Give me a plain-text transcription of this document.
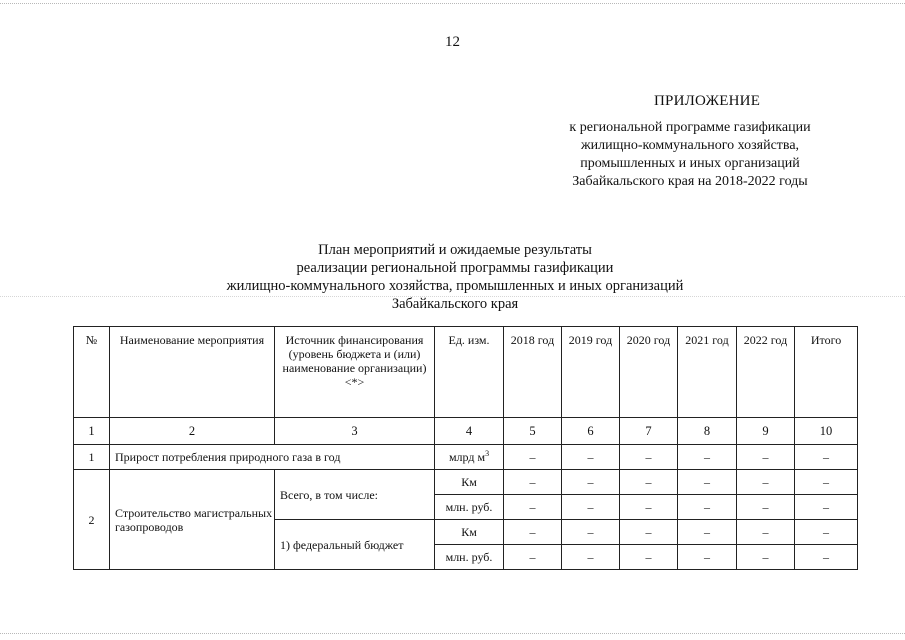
12
ПРИЛОЖЕНИЕ
к региональной программе газификации
жилищно-коммунального хозяйства,
промышленных и иных организаций
Забайкальского края на 2018-2022 годы
План мероприятий и ожидаемые результаты
реализации региональной программы газификации
жилищно-коммунального хозяйства, промышленных и иных организаций
Забайкальского края
№	Наименование мероприятия	Источник финансирования (уровень бюджета и (или) наименование организации) <*>	Ед. изм.	2018 год	2019 год	2020 год	2021 год	2022 год	Итого
1	2	3	4	5	6	7	8	9	10
1	Прирост потребления природного газа в год		млрд $м^3$	–	–	–	–	–	–
2	Строительство магистральных газопроводов	Всего, в том числе:	Км	–	–	–	–	–	–
			млн. руб.	–	–	–	–	–	–
		1) федеральный бюджет	Км	–	–	–	–	–	–
			млн. руб.	–	–	–	–	–	–
